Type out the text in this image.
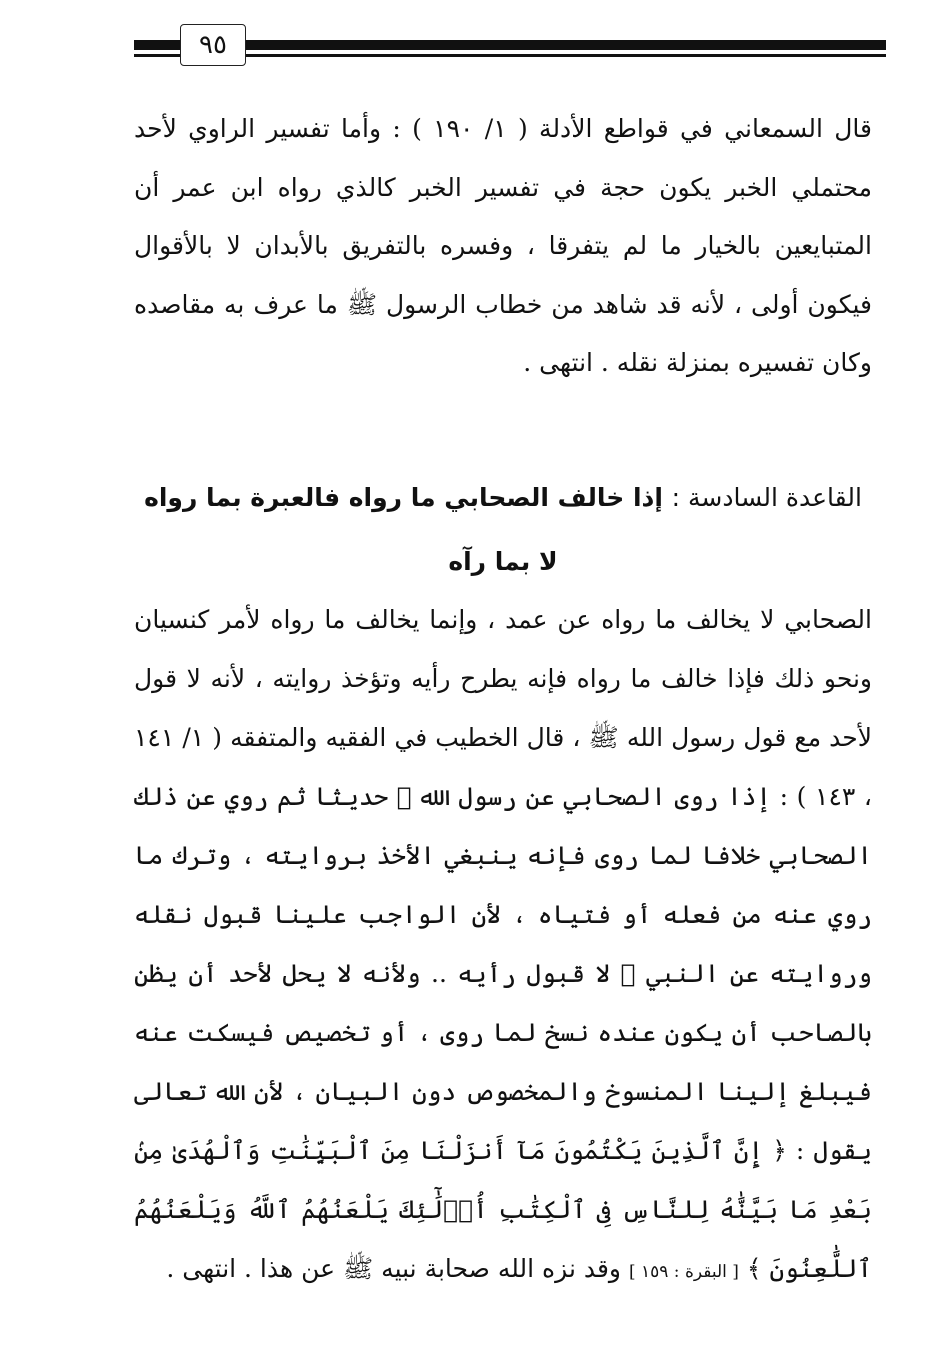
٩٥

قال السمعاني في قواطع الأدلة ( ١/ ١٩٠ ) : وأما تفسير الراوي لأحد محتملي الخبر يكون حجة في تفسير الخبر كالذي رواه ابن عمر أن المتبايعين بالخيار ما لم يتفرقا ، وفسره بالتفريق بالأبدان لا بالأقوال فيكون أولى ، لأنه قد شاهد من خطاب الرسول ﷺ ما عرف به مقاصده وكان تفسيره بمنزلة نقله . انتهى .

القاعدة السادسة : إذا خالف الصحابي ما رواه فالعبرة بما رواه لا بما رآه

الصحابي لا يخالف ما رواه عن عمد ، وإنما يخالف ما رواه لأمر كنسيان ونحو ذلك فإذا خالف ما رواه فإنه يطرح رأيه وتؤخذ روايته ، لأنه لا قول لأحد مع قول رسول الله ﷺ ، قال الخطيب في الفقيه والمتفقه ( ١/ ١٤١ ، ١٤٣ ) : إذا روى الصحابي عن رسول الله ﷺ حديثا ثم روي عن ذلك الصحابي خلافا لما روى فإنه ينبغي الأخذ بروايته ، وترك ما روي عنه من فعله أو فتياه ، لأن الواجب علينا قبول نقله وروايته عن النبي ﷺ لا قبول رأيه .. ولأنه لا يحل لأحد أن يظن بالصاحب أن يكون عنده نسخ لما روى ، أو تخصيص فيسكت عنه فيبلغ إلينا المنسوخ والمخصوص دون البيان ، لأن الله تعالى يقول : ﴿ إِنَّ ٱلَّذِينَ يَكْتُمُونَ مَآ أَنزَلْنَا مِنَ ٱلْبَيِّنَٰتِ وَٱلْهُدَىٰ مِنۢ بَعْدِ مَا بَيَّنَّٰهُ لِلنَّاسِ فِى ٱلْكِتَٰبِ أُو۟لَٰٓئِكَ يَلْعَنُهُمُ ٱللَّهُ وَيَلْعَنُهُمُ ٱللَّٰعِنُونَ ﴾ [ البقرة : ١٥٩ ] وقد نزه الله صحابة نبيه ﷺ عن هذا . انتهى .
